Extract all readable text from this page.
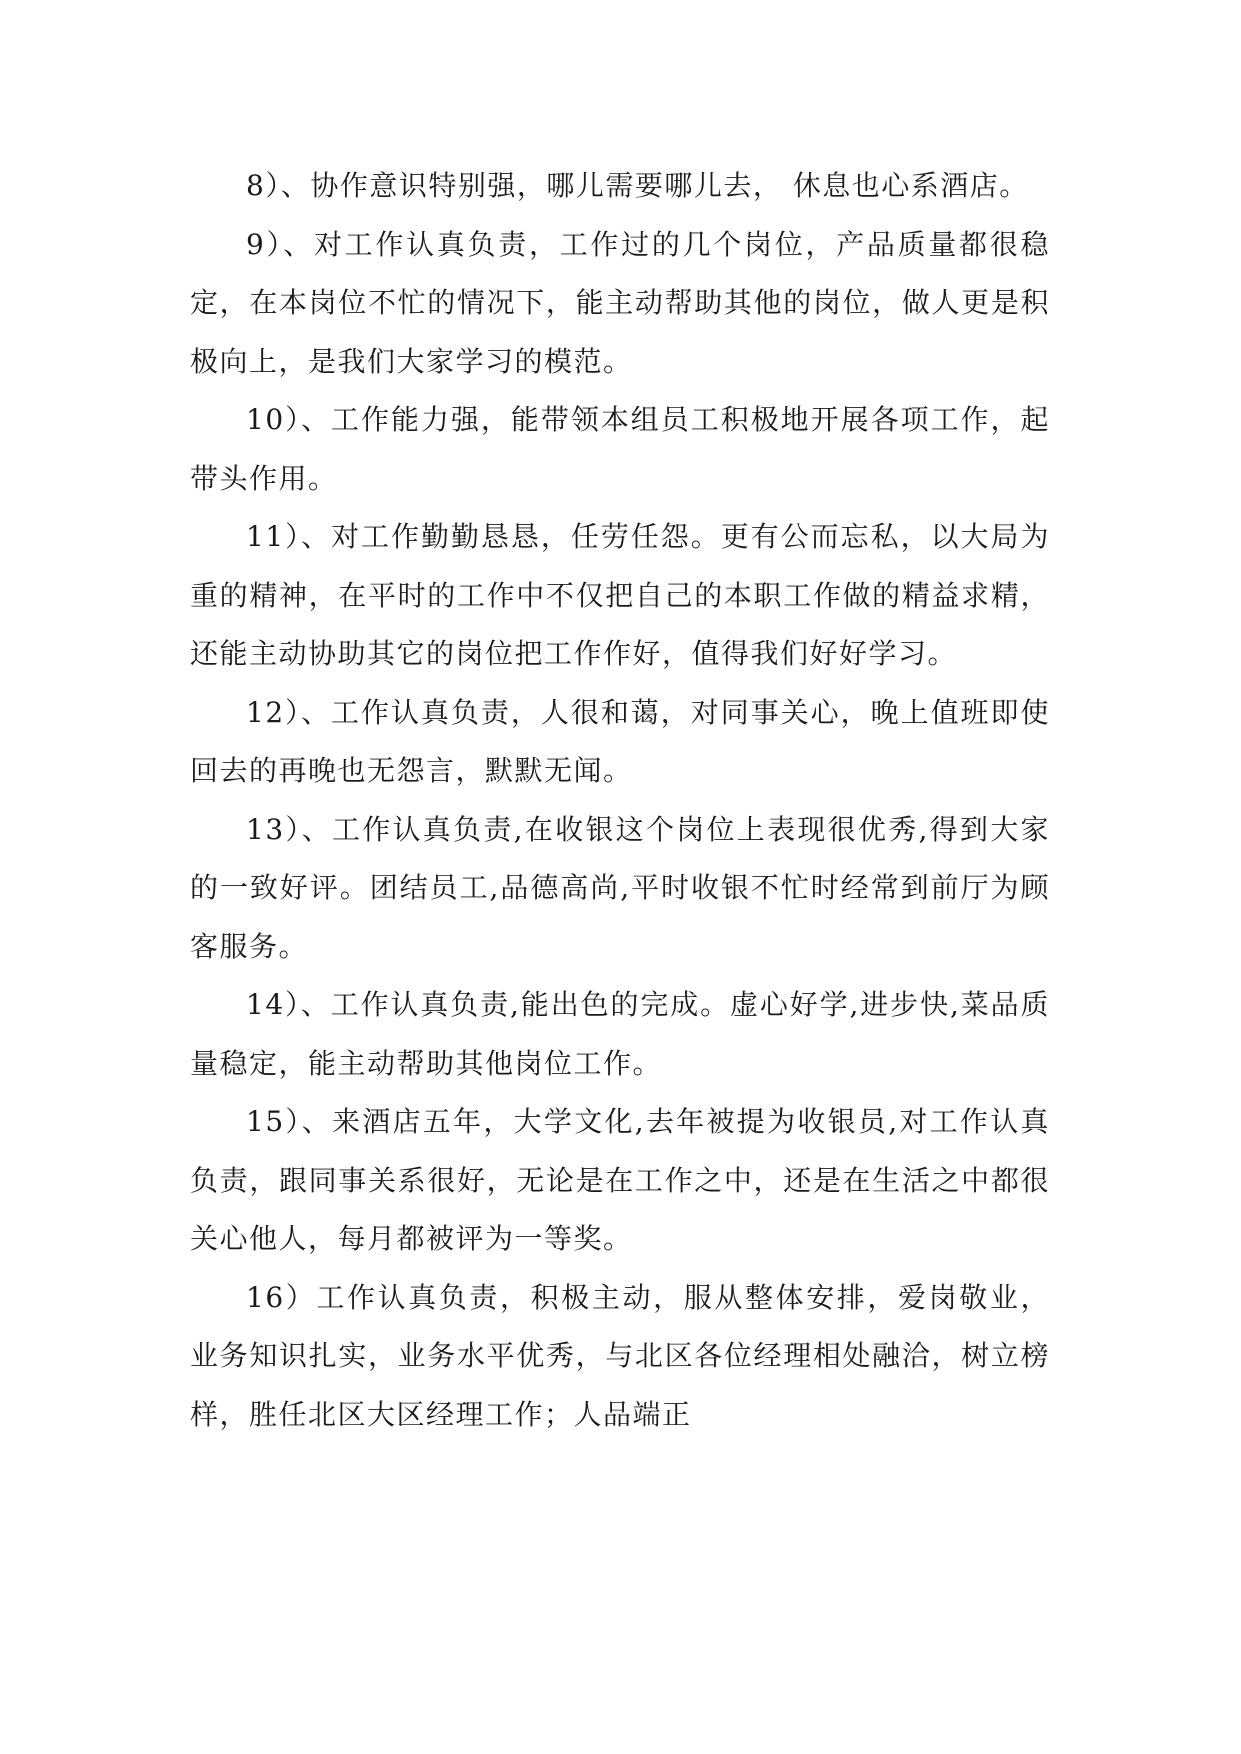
8）、协作意识特别强，哪儿需要哪儿去， 休息也心系酒店。

9）、对工作认真负责，工作过的几个岗位，产品质量都很稳定，在本岗位不忙的情况下，能主动帮助其他的岗位，做人更是积极向上，是我们大家学习的模范。

10）、工作能力强，能带领本组员工积极地开展各项工作，起带头作用。

11）、对工作勤勤恳恳，任劳任怨。更有公而忘私，以大局为重的精神，在平时的工作中不仅把自己的本职工作做的精益求精，还能主动协助其它的岗位把工作作好，值得我们好好学习。

12）、工作认真负责，人很和蔼，对同事关心，晚上值班即使回去的再晚也无怨言，默默无闻。

13）、工作认真负责,在收银这个岗位上表现很优秀,得到大家的一致好评。团结员工,品德高尚,平时收银不忙时经常到前厅为顾客服务。

14）、工作认真负责,能出色的完成。虚心好学,进步快,菜品质量稳定，能主动帮助其他岗位工作。

15）、来酒店五年，大学文化,去年被提为收银员,对工作认真负责，跟同事关系很好，无论是在工作之中，还是在生活之中都很关心他人，每月都被评为一等奖。

16）工作认真负责，积极主动，服从整体安排，爱岗敬业，业务知识扎实，业务水平优秀，与北区各位经理相处融洽，树立榜样，胜任北区大区经理工作；人品端正
